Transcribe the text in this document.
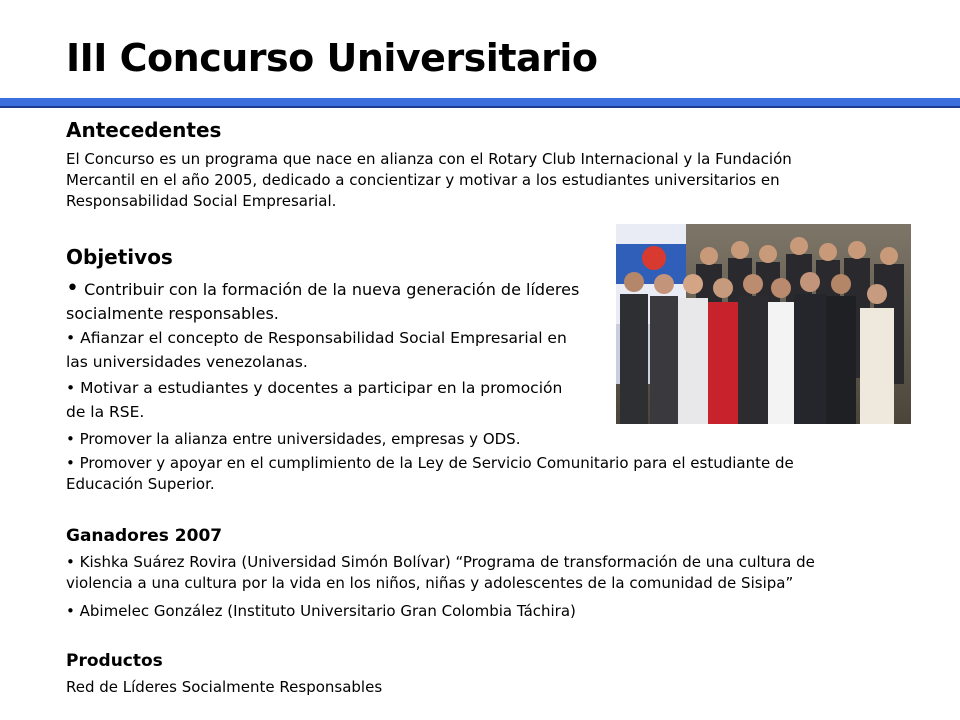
III Concurso Universitario
Antecedentes
El Concurso es un programa que nace en alianza con el Rotary Club Internacional y la Fundación
Mercantil en el año 2005, dedicado a concientizar y motivar a los estudiantes universitarios en
Responsabilidad Social Empresarial.
Objetivos
• Contribuir con la formación de la nueva generación de líderes
socialmente responsables.
• Afianzar el concepto de Responsabilidad Social Empresarial en
las universidades venezolanas.
• Motivar a estudiantes y docentes a participar en la promoción
de la RSE.
• Promover la alianza entre universidades, empresas y ODS.
• Promover y apoyar en el cumplimiento de la Ley de Servicio Comunitario para el estudiante de
Educación Superior.
Ganadores 2007
• Kishka Suárez Rovira (Universidad Simón Bolívar) “Programa de transformación de una cultura de
violencia a una cultura por la vida en los niños, niñas y adolescentes de la comunidad de Sisipa”
• Abimelec González (Instituto Universitario Gran Colombia Táchira)
Productos
Red de Líderes Socialmente Responsables
